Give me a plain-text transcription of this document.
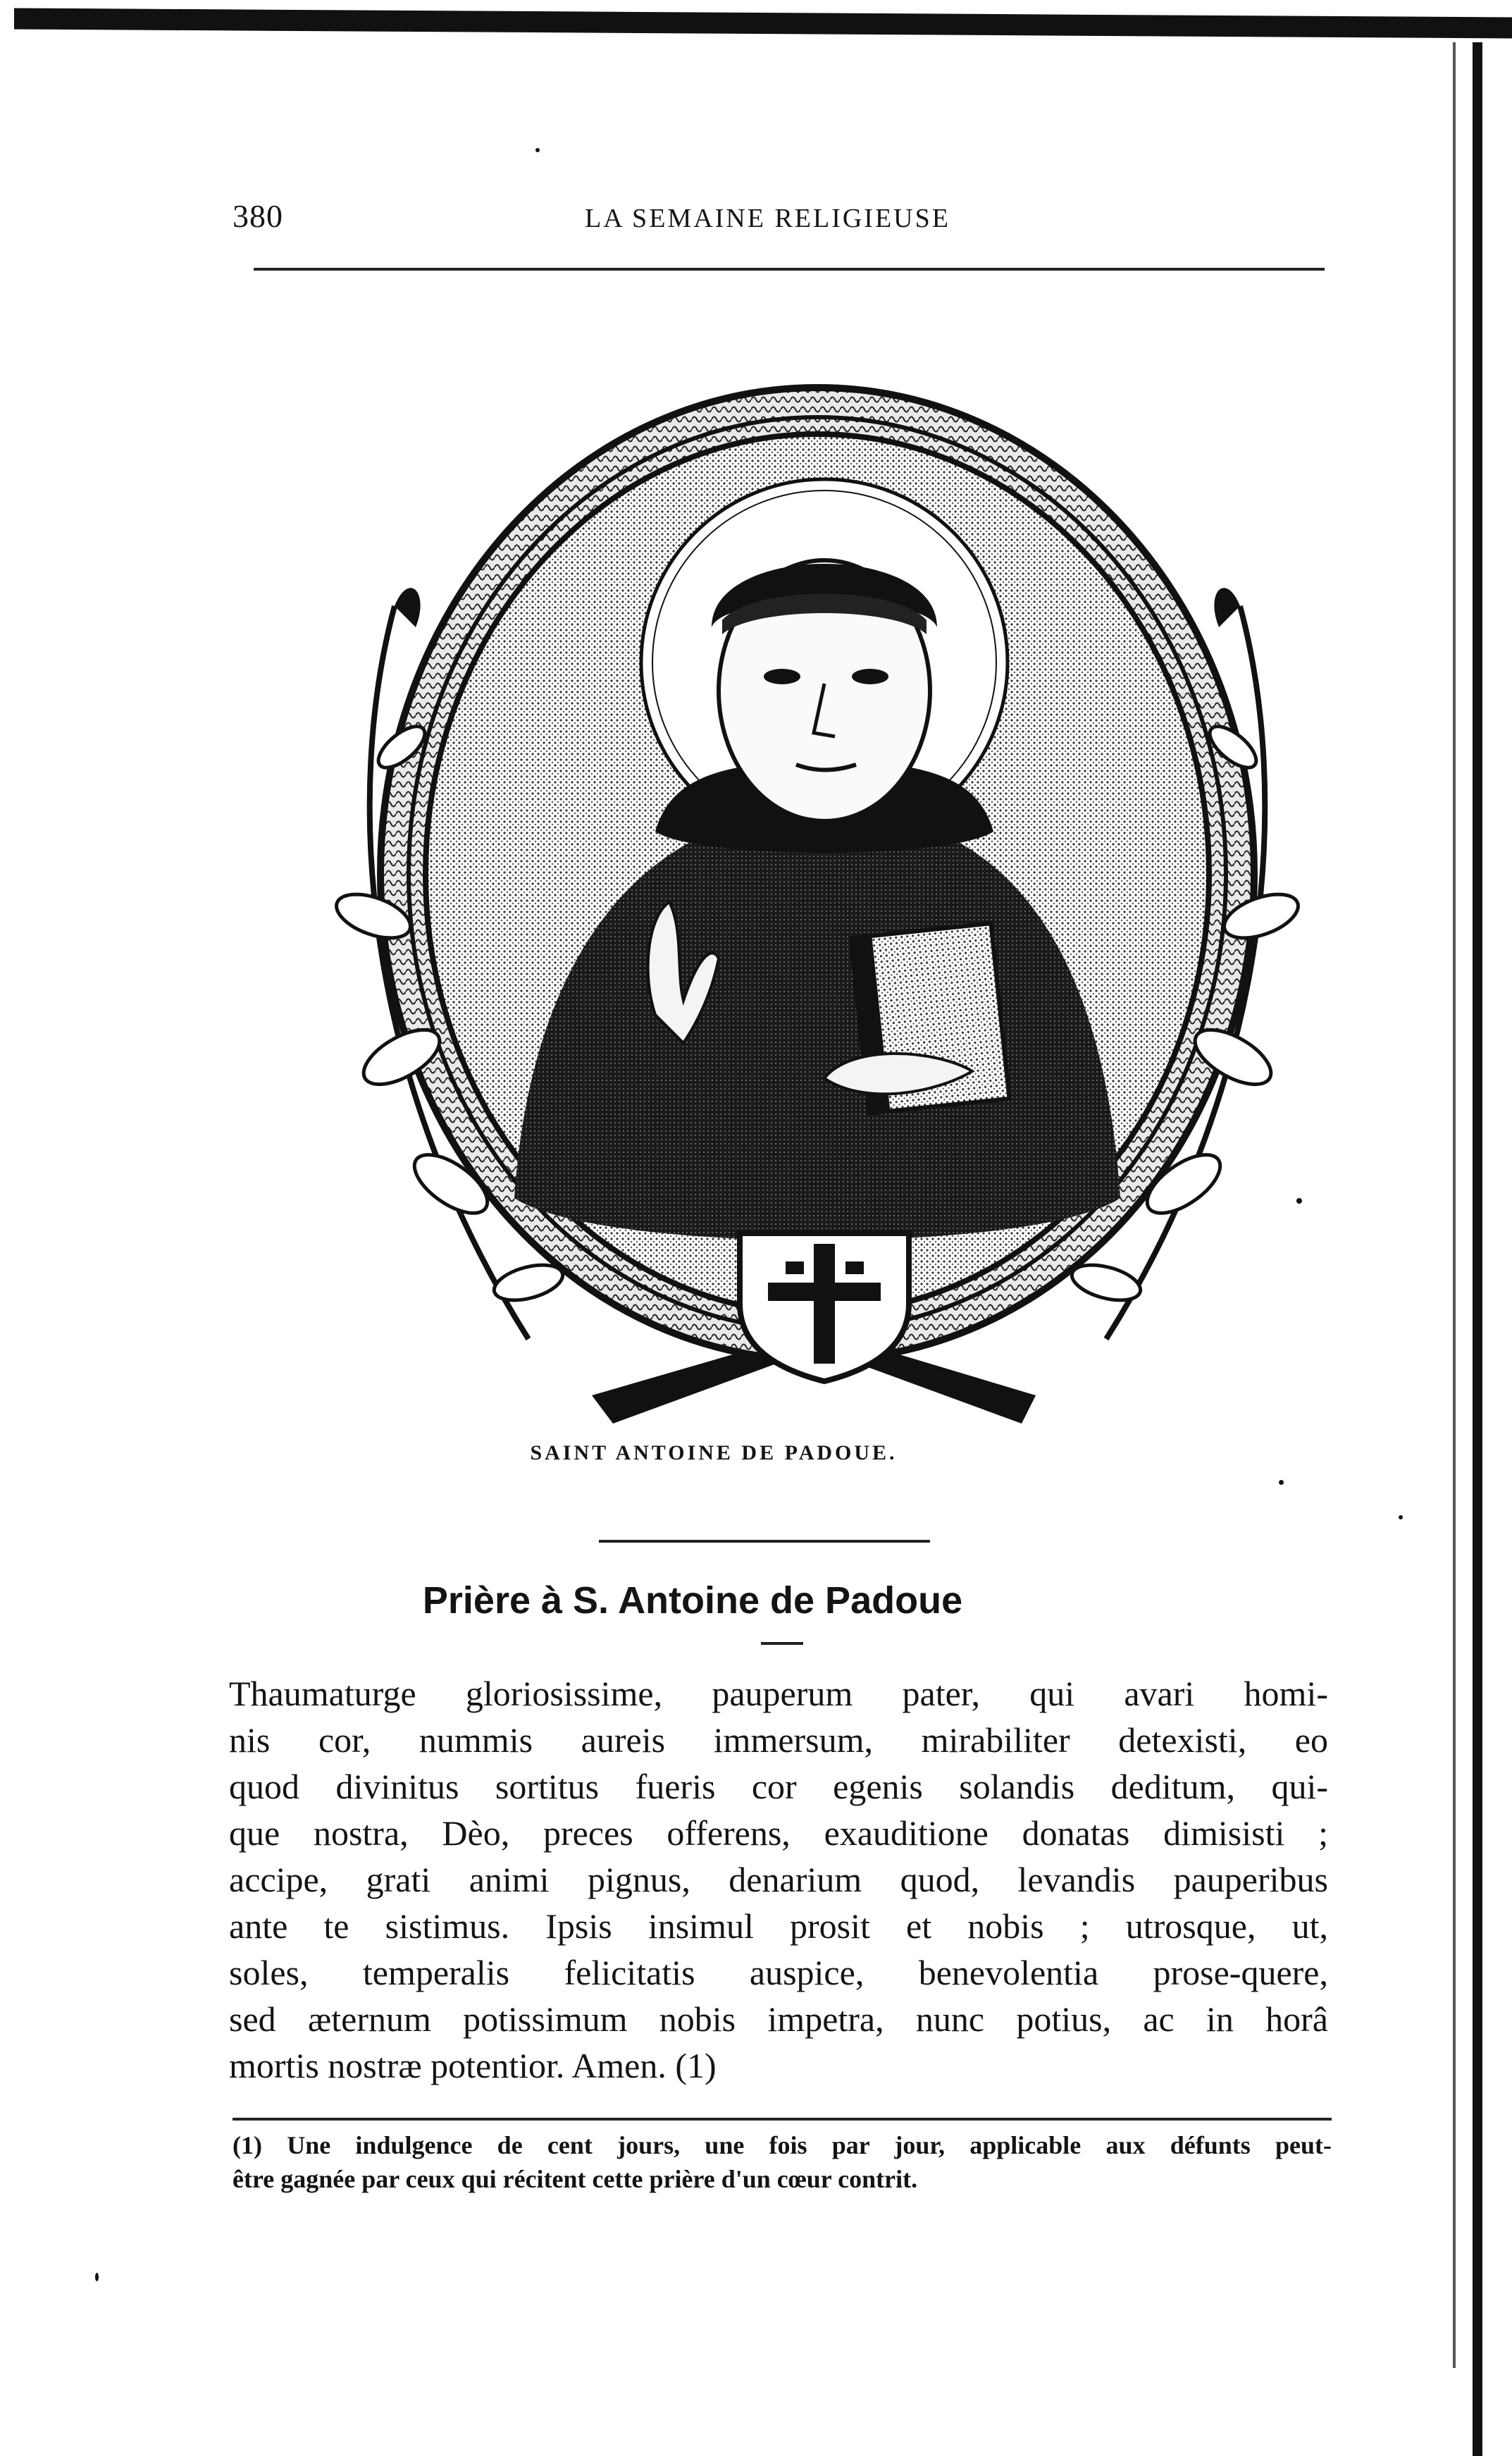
380	LA SEMAINE RELIGIEUSE
SAINT ANTOINE DE PADOUE.
Prière à S. Antoine de Padoue
Thaumaturge gloriosissime, pauperum pater, qui avari homi-
nis cor, nummis aureis immersum, mirabiliter detexisti, eo
quod divinitus sortitus fueris cor egenis solandis deditum, qui-
que nostra, Dѐo, preces offerens, exauditione donatas dimisisti ;
accipe, grati animi pignus, denarium quod, levandis pauperibus
ante te sistimus. Ipsis insimul prosit et nobis ; utrosque, ut,
soles, temperalis felicitatis auspice, benevolentia prose-quere,
sed æternum potissimum nobis impetra, nunc potius, ac in horâ
mortis nostræ potentior. Amen. (1)
(1) Une indulgence de cent jours, une fois par jour, applicable aux défunts peut-
être gagnée par ceux qui récitent cette prière d'un cœur contrit.
